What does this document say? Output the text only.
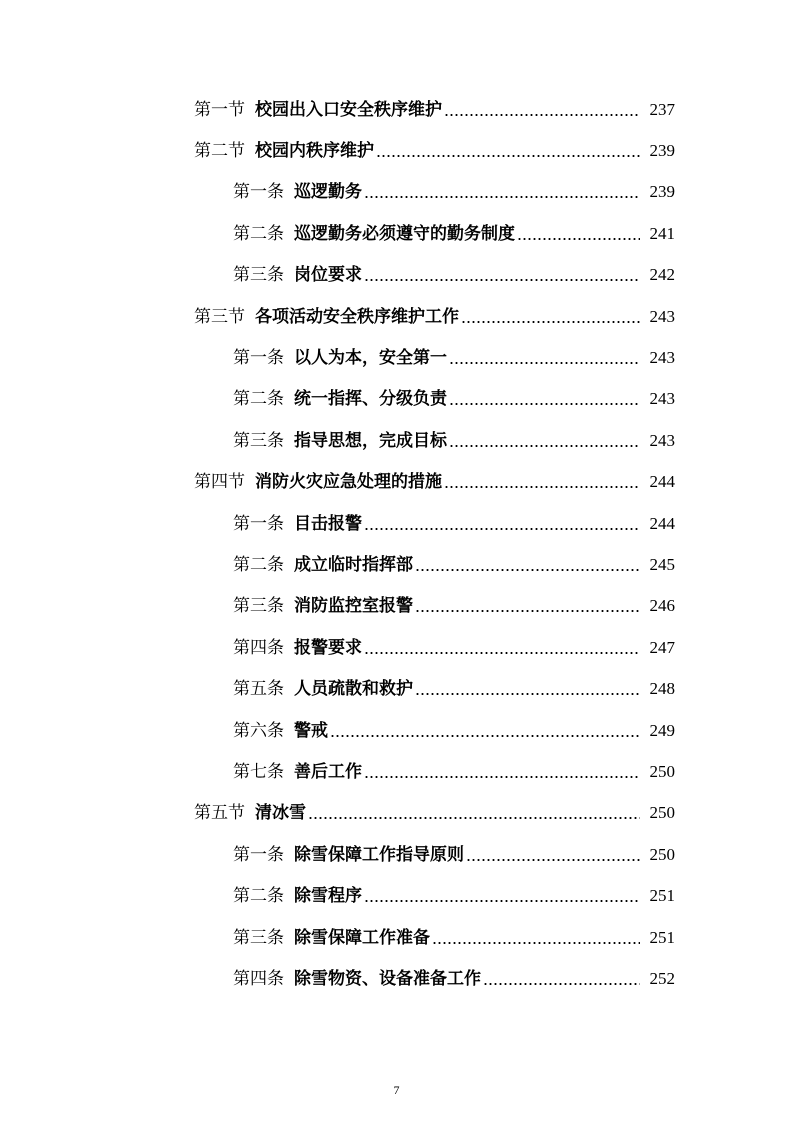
第一节 校园出入口安全秩序维护	237
第二节 校园内秩序维护	239
第一条 巡逻勤务	239
第二条 巡逻勤务必须遵守的勤务制度	241
第三条 岗位要求	242
第三节 各项活动安全秩序维护工作	243
第一条 以人为本，安全第一	243
第二条 统一指挥、分级负责	243
第三条 指导思想，完成目标	243
第四节 消防火灾应急处理的措施	244
第一条 目击报警	244
第二条 成立临时指挥部	245
第三条 消防监控室报警	246
第四条 报警要求	247
第五条 人员疏散和救护	248
第六条 警戒	249
第七条 善后工作	250
第五节 清冰雪	250
第一条 除雪保障工作指导原则	250
第二条 除雪程序	251
第三条 除雪保障工作准备	251
第四条 除雪物资、设备准备工作	252
7
